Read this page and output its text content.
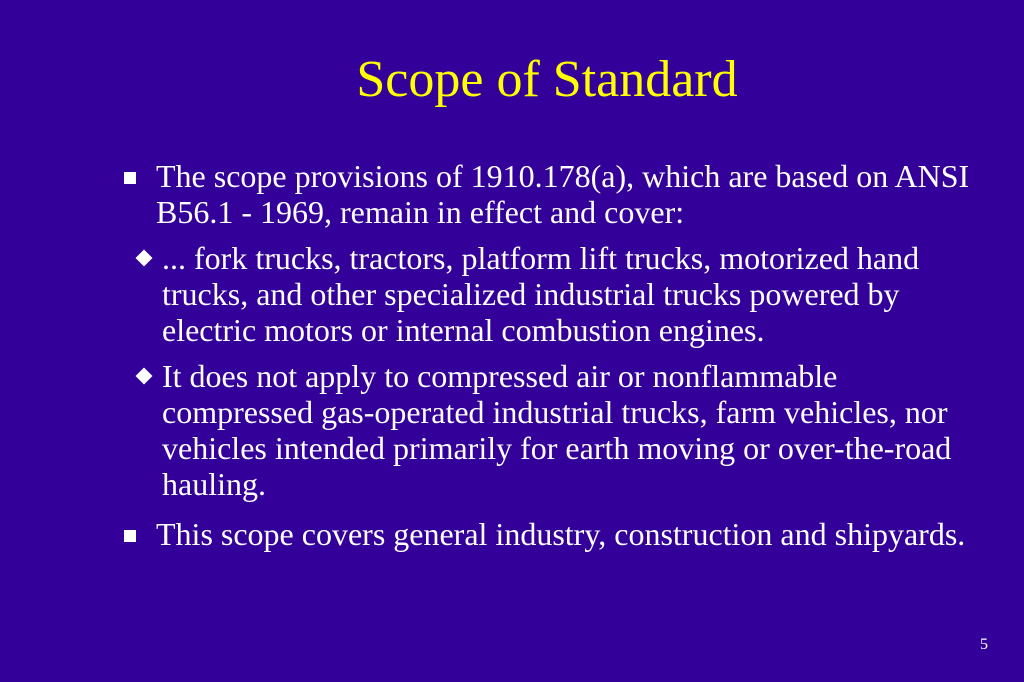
Scope of Standard
The scope provisions of 1910.178(a), which are based on ANSI B56.1 - 1969, remain in effect and cover:
... fork trucks, tractors, platform lift trucks, motorized hand trucks, and other specialized industrial trucks powered by electric motors or internal combustion engines.
It does not apply to compressed air or nonflammable compressed gas-operated industrial trucks, farm vehicles, nor vehicles intended primarily for earth moving or over-the-road hauling.
This scope covers general industry, construction and shipyards.
5
